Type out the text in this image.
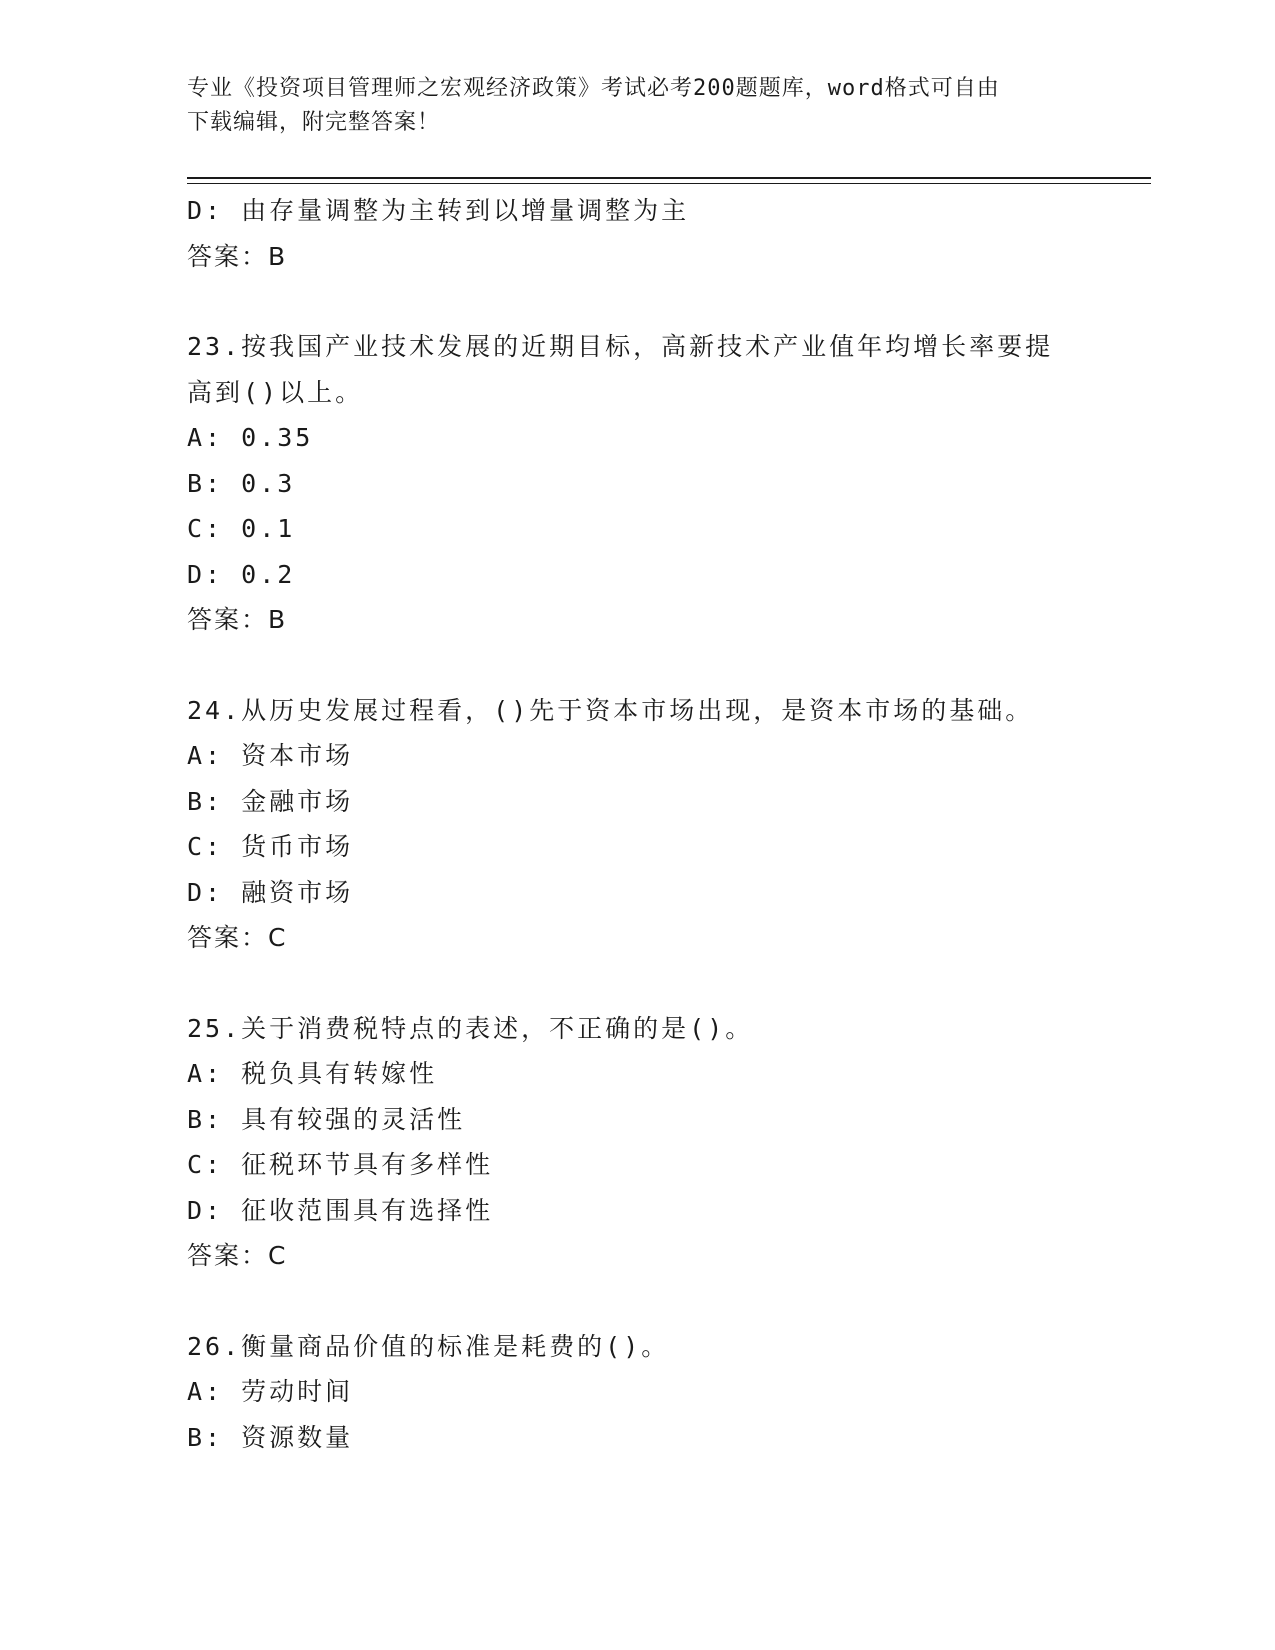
专业《投资项目管理师之宏观经济政策》考试必考200题题库，word格式可自由
下载编辑，附完整答案！
D: 由存量调整为主转到以增量调整为主
答案：B
23.按我国产业技术发展的近期目标，高新技术产业值年均增长率要提
高到()以上。
A: 0.35
B: 0.3
C: 0.1
D: 0.2
答案：B
24.从历史发展过程看，()先于资本市场出现，是资本市场的基础。
A: 资本市场
B: 金融市场
C: 货币市场
D: 融资市场
答案：C
25.关于消费税特点的表述，不正确的是()。
A: 税负具有转嫁性
B: 具有较强的灵活性
C: 征税环节具有多样性
D: 征收范围具有选择性
答案：C
26.衡量商品价值的标准是耗费的()。
A: 劳动时间
B: 资源数量
